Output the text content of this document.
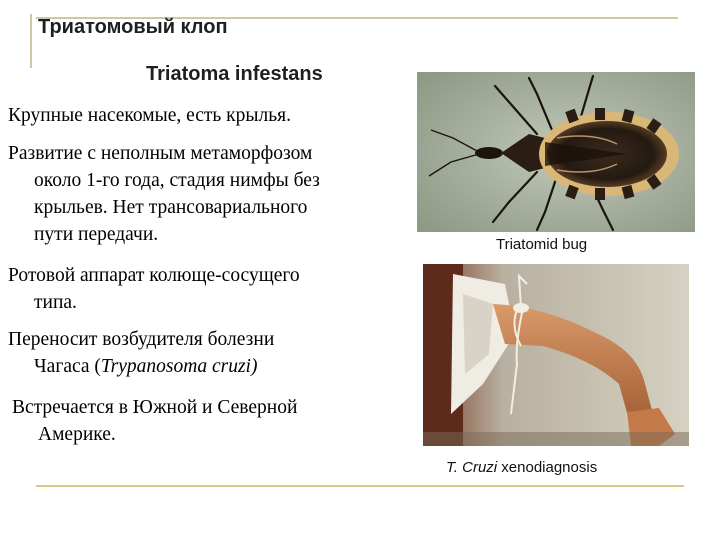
Триатомовый клоп
Triatoma infestans
Крупные насекомые, есть крылья.
Развитие с неполным метаморфозом
около 1-го года, стадия нимфы без
крыльев. Нет трансовариального
пути передачи.
Ротовой аппарат колюще-сосущего
типа.
Переносит возбудителя болезни
Чагаса (Trypanosoma cruzi)
Встречается в Южной и Северной
Америке.
Triatomid bug
T. Cruzi xenodiagnosis
